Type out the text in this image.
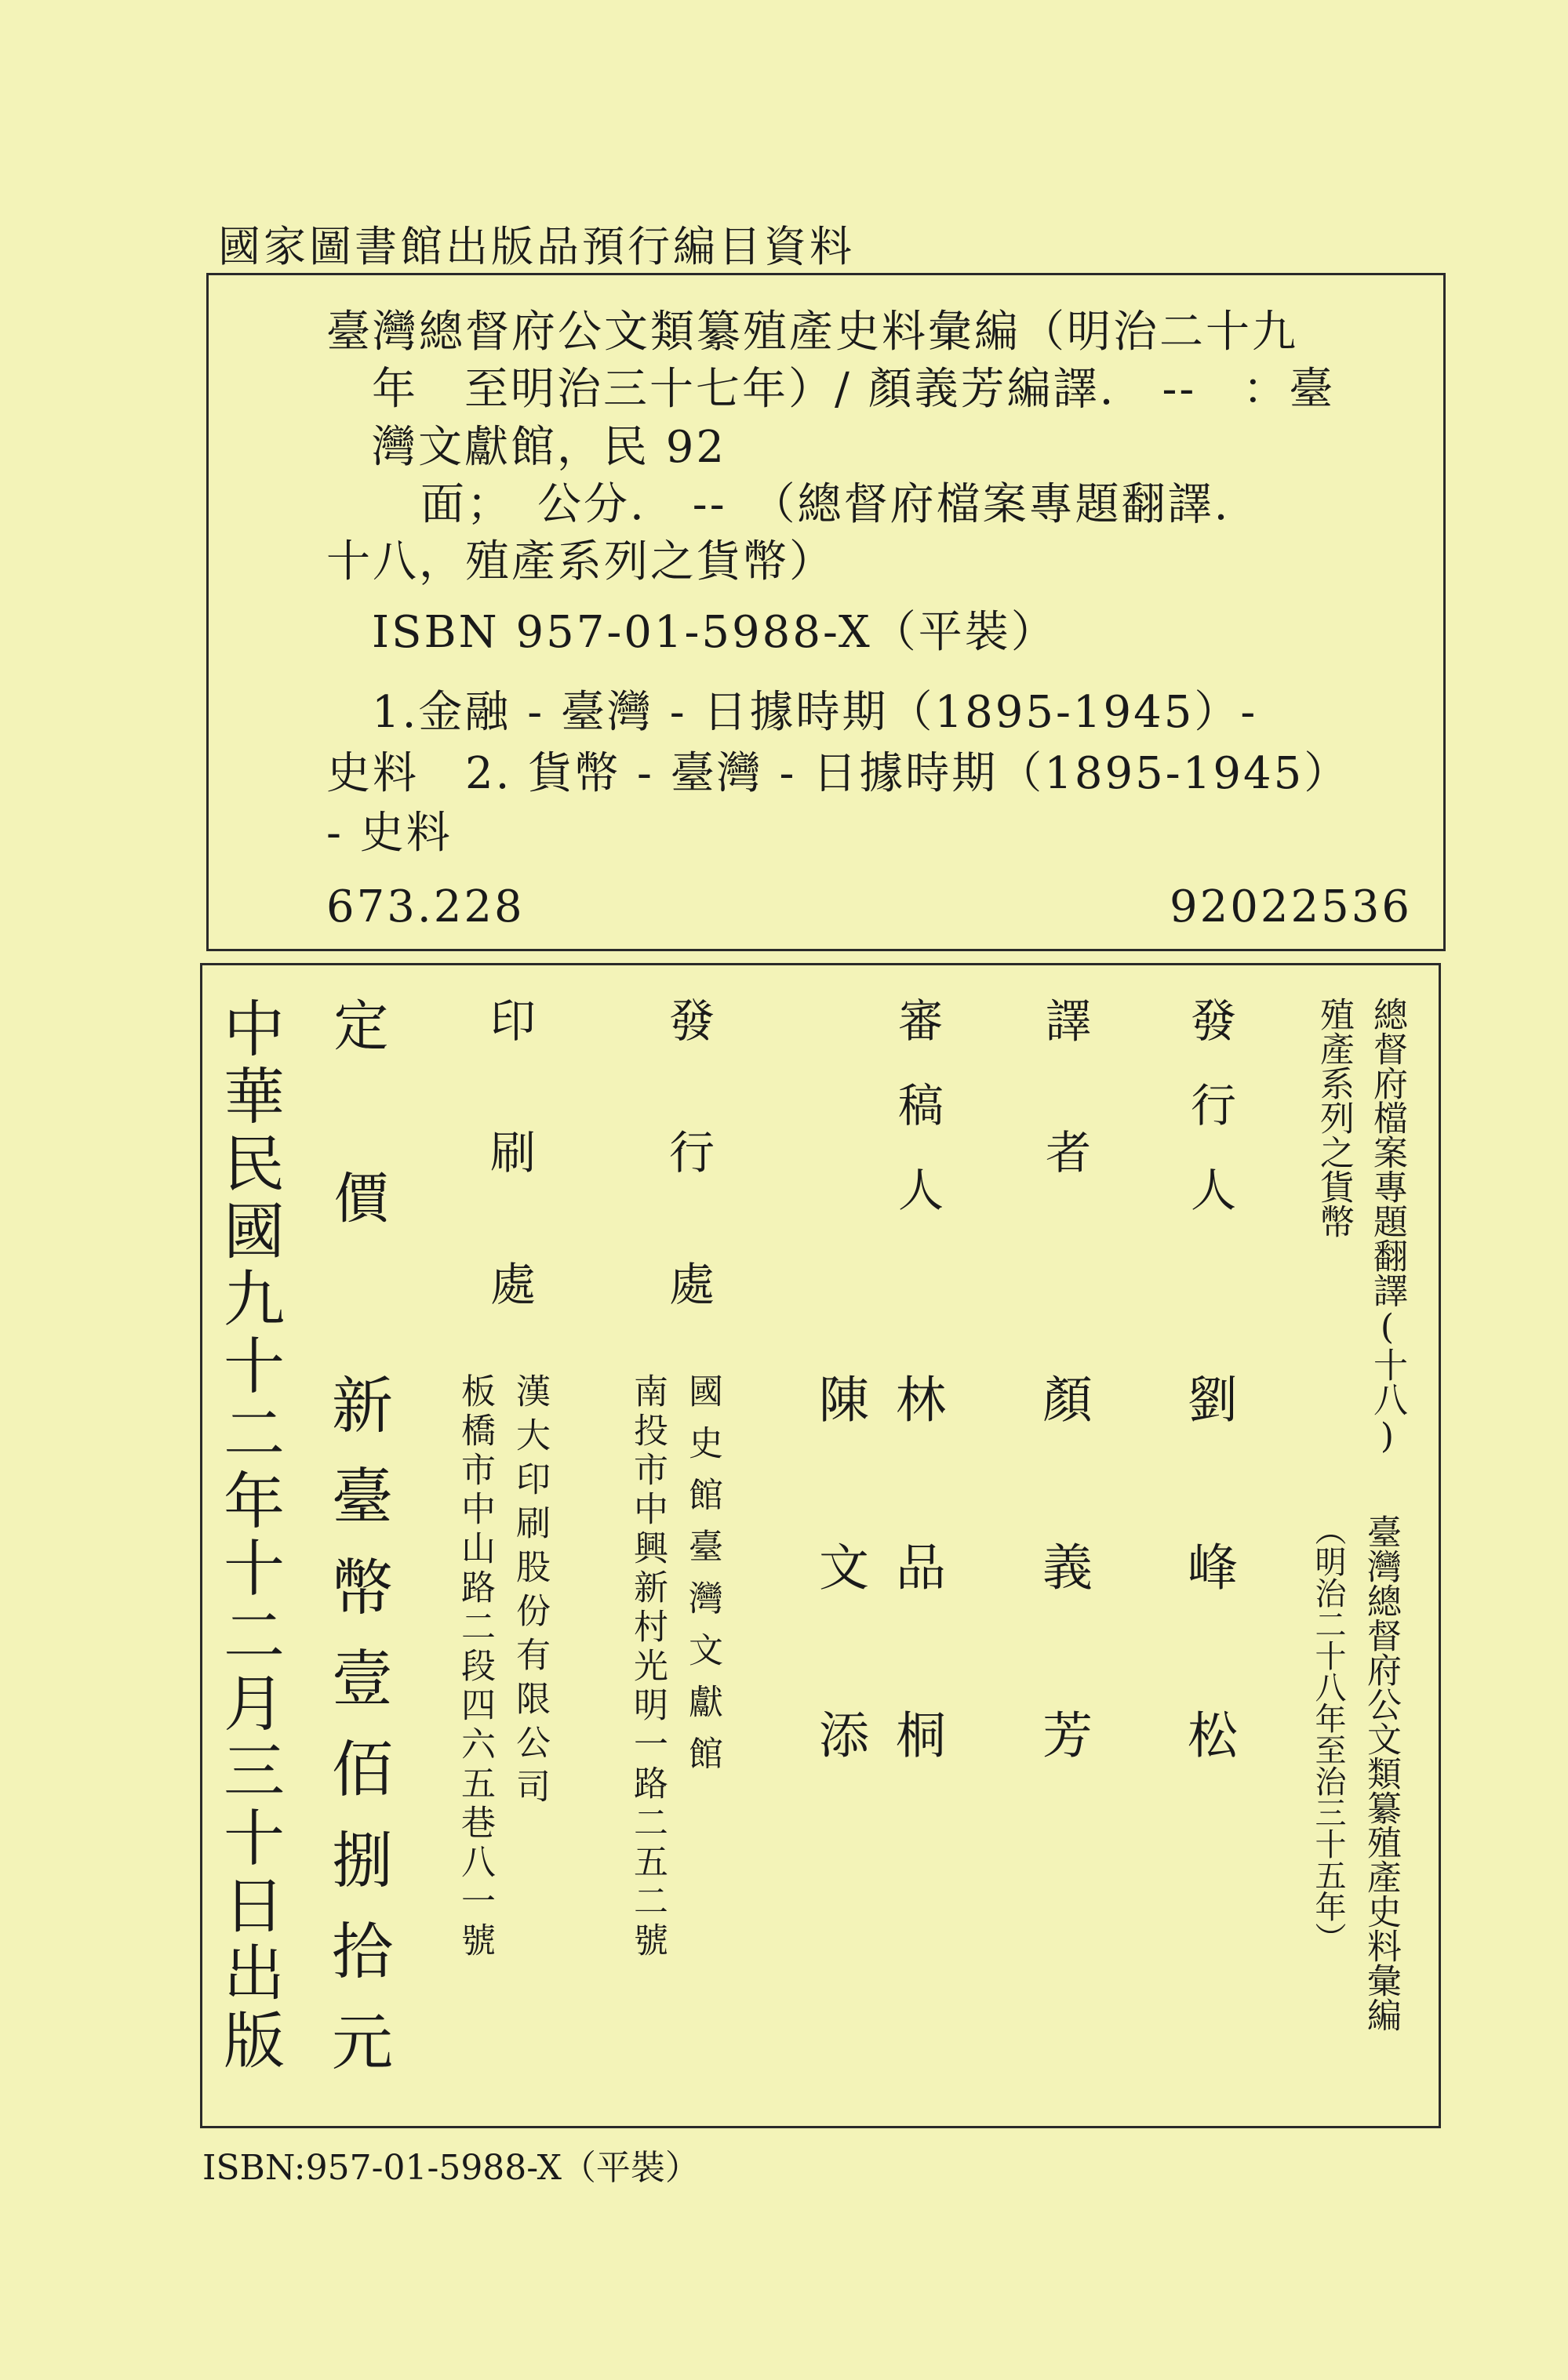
國家圖書館出版品預行編目資料
臺灣總督府公文類纂殖產史料彙編（明治二十九
年　至明治三十七年）/ 顏義芳編譯.　--　：臺
灣文獻館，民 92
面；　公分.　--　（總督府檔案專題翻譯.
十八，殖產系列之貨幣）
ISBN 957-01-5988-X（平裝）
1.金融 - 臺灣 - 日據時期（1895-1945）-
史料　2. 貨幣 - 臺灣 - 日據時期（1895-1945）
- 史料
673.228	92022536
總督府檔案專題翻譯(十八)
殖產系列之貨幣
臺灣總督府公文類纂殖產史料彙編
（明治二十八年至治三十五年）
發行人
劉峰松
譯者
顏義芳
審稿人
林品桐
陳文添
發行處
國史館臺灣文獻館
南投市中興新村光明一路二五二號
印刷處
漢大印刷股份有限公司
板橋市中山路二段四六五巷八一號
定價
新臺幣壹佰捌拾元
中華民國九十二年十二月三十日出版
ISBN:957-01-5988-X（平裝）
